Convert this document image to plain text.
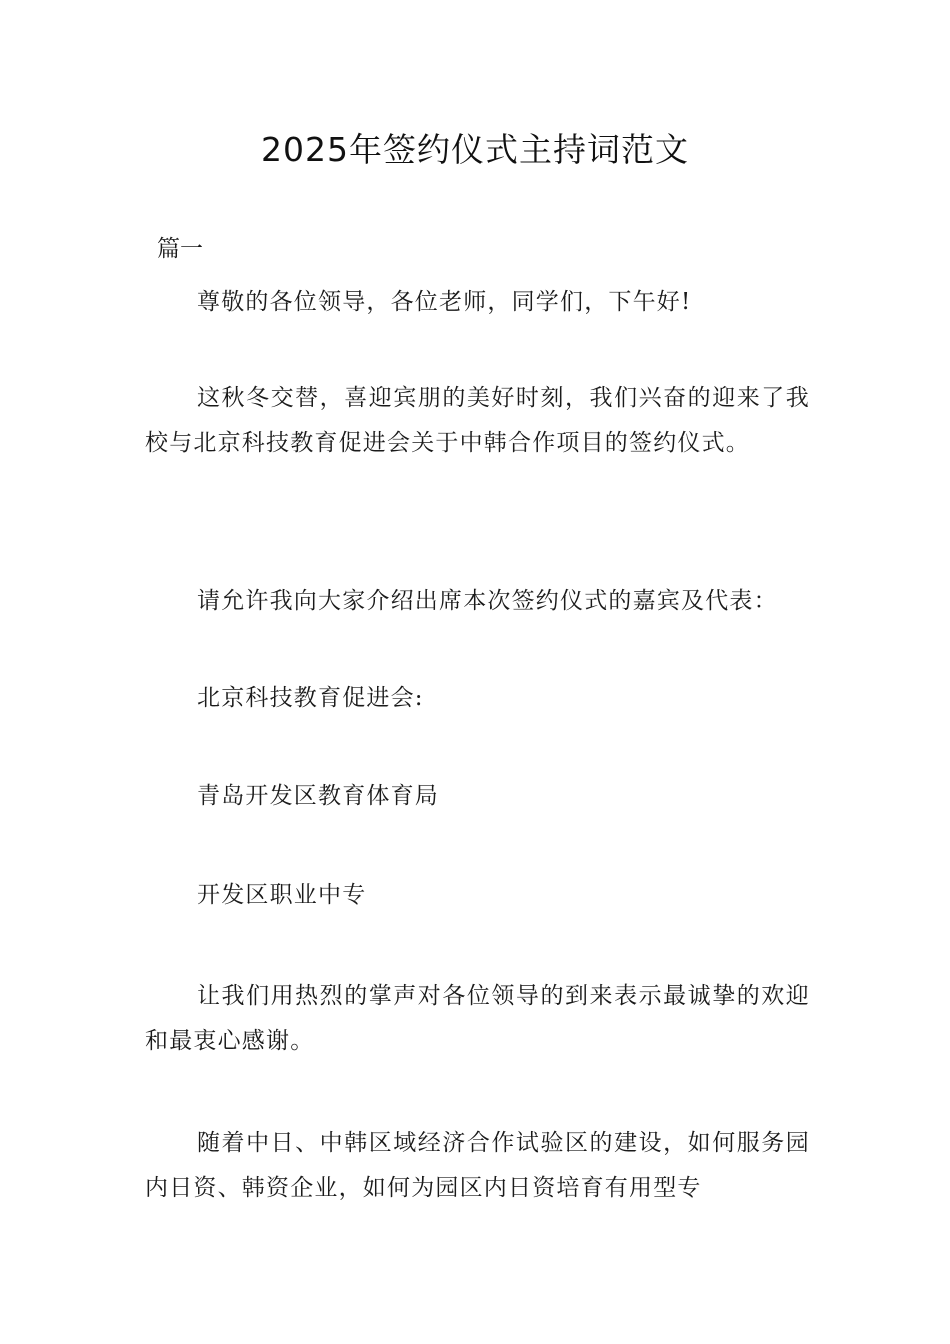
2025年签约仪式主持词范文

篇一

尊敬的各位领导，各位老师，同学们，下午好!

这秋冬交替，喜迎宾朋的美好时刻，我们兴奋的迎来了我校与北京科技教育促进会关于中韩合作项目的签约仪式。

请允许我向大家介绍出席本次签约仪式的嘉宾及代表：

北京科技教育促进会:

青岛开发区教育体育局

开发区职业中专

让我们用热烈的掌声对各位领导的到来表示最诚挚的欢迎和最衷心感谢。

随着中日、中韩区域经济合作试验区的建设，如何服务园内日资、韩资企业，如何为园区内日资培育有用型专
